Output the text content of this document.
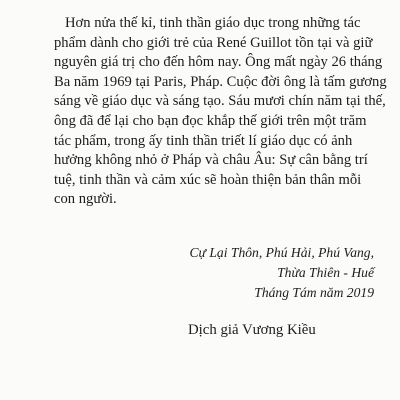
Hơn nửa thế kỉ, tinh thần giáo dục trong những tác
phẩm dành cho giới trẻ của René Guillot tồn tại và giữ
nguyên giá trị cho đến hôm nay. Ông mất ngày 26 tháng
Ba năm 1969 tại Paris, Pháp. Cuộc đời ông là tấm gương
sáng về giáo dục và sáng tạo. Sáu mươi chín năm tại thế,
ông đã để lại cho bạn đọc khắp thế giới trên một trăm
tác phẩm, trong ấy tinh thần triết lí giáo dục có ảnh
hưởng không nhỏ ở Pháp và châu Âu: Sự cân bằng trí
tuệ, tinh thần và cảm xúc sẽ hoàn thiện bản thân mỗi
con người.

Cự Lại Thôn, Phú Hải, Phú Vang,
Thừa Thiên - Huế
Tháng Tám năm 2019
Dịch giả Vương Kiều
